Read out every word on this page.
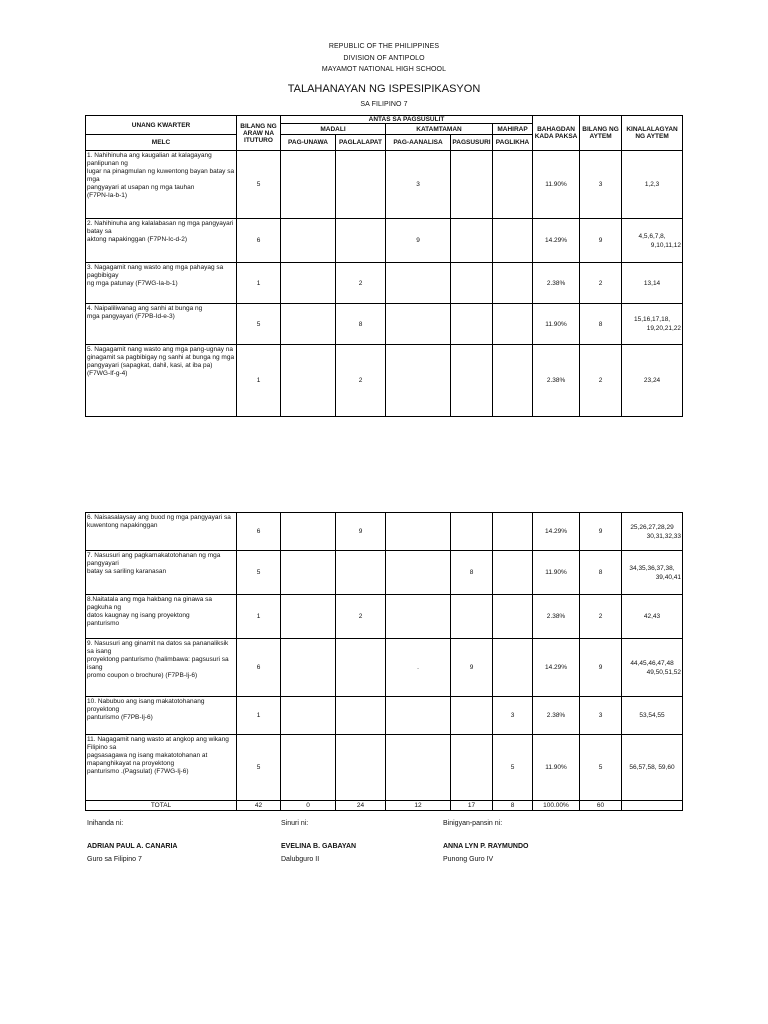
REPUBLIC OF THE PHILIPPINES
DIVISION OF ANTIPOLO
MAYAMOT NATIONAL HIGH SCHOOL
TALAHANAYAN NG ISPESIPIKASYON
SA FILIPINO 7
UNANG KWARTER	BILANG NG ARAW NA ITUTURO	ANTAS SA PAGSUSULIT					BAHAGDAN KADA PAKSA	BILANG NG AYTEM	KINALALAGYAN NG AYTEM
		MADALI		KATAMTAMAN		MAHIRAP			
MELC		PAG-UNAWA	PAGLALAPAT	PAG-AANALISA	PAGSUSURI	PAGLIKHA			
1. Nahihinuha ang kaugalian at kalagayang panlipunan ng
lugar na pinagmulan ng kuwentong bayan batay sa mga
pangyayari at usapan ng mga tauhan
(F7PN-Ia-b-1)	5			3			11.90%	3	1,2,3

2. Nahihinuha ang kalalabasan ng mga pangyayari batay sa
aktong napakinggan (F7PN-Ic-d-2)	6			9			14.29%	9	4,5,6,7,8,
9,10,11,12

3. Nagagamit nang wasto ang mga pahayag sa pagbibigay
ng mga patunay (F7WG-Ia-b-1)	1		2				2.38%	2	13,14

4. Naipaliliwanag ang sanhi at bunga ng
mga pangyayari (F7PB-Id-e-3)	5		8				11.90%	8	15,16,17,18,
19,20,21,22

5. Nagagamit nang wasto ang mga pang-ugnay na
ginagamit sa pagbibigay ng sanhi at bunga ng mga
pangyayari (sapagkat, dahil, kasi, at iba pa)
(F7WG-If-g-4)	1		2				2.38%	2	23,24
6. Naisasalaysay ang buod ng mga pangyayari sa
kuwentong napakinggan	6		9				14.29%	9	25,26,27,28,29
30,31,32,33

7. Nasusuri ang pagkamakatotohanan ng mga pangyayari
batay sa sariling karanasan	5				8		11.90%	8	34,35,36,37,38,
39,40,41

8.Naitatala ang mga hakbang na ginawa sa pagkuha ng
datos kaugnay ng isang proyektong
panturismo	1		2				2.38%	2	42,43

9. Nasusuri ang ginamit na datos sa pananaliksik sa isang
proyektong panturismo (halimbawa: pagsusuri sa isang
promo coupon o brochure) (F7PB-Ij-6)	6			.	9		14.29%	9	44,45,46,47,48
49,50,51,52

10. Nabubuo ang isang makatotohanang proyektong
panturismo (F7PB-Ij-6)	1					3	2.38%	3	53,54,55

11. Nagagamit nang wasto at angkop ang wikang Filipino sa
pagsasagawa ng isang makatotohanan at mapanghikayat na proyektong
panturismo .(Pagsulat) (F7WG-Ij-6)	5					5	11.90%	5	56,57,58, 59,60

TOTAL	42	0	24	12	17	8	100.00%	60	
Inihanda ni:	Sinuri ni:	Binigyan-pansin ni:
ADRIAN PAUL A. CANARIA	EVELINA B. GABAYAN	ANNA LYN P. RAYMUNDO
Guro sa Filipino 7	Dalubguro II	Punong Guro IV
